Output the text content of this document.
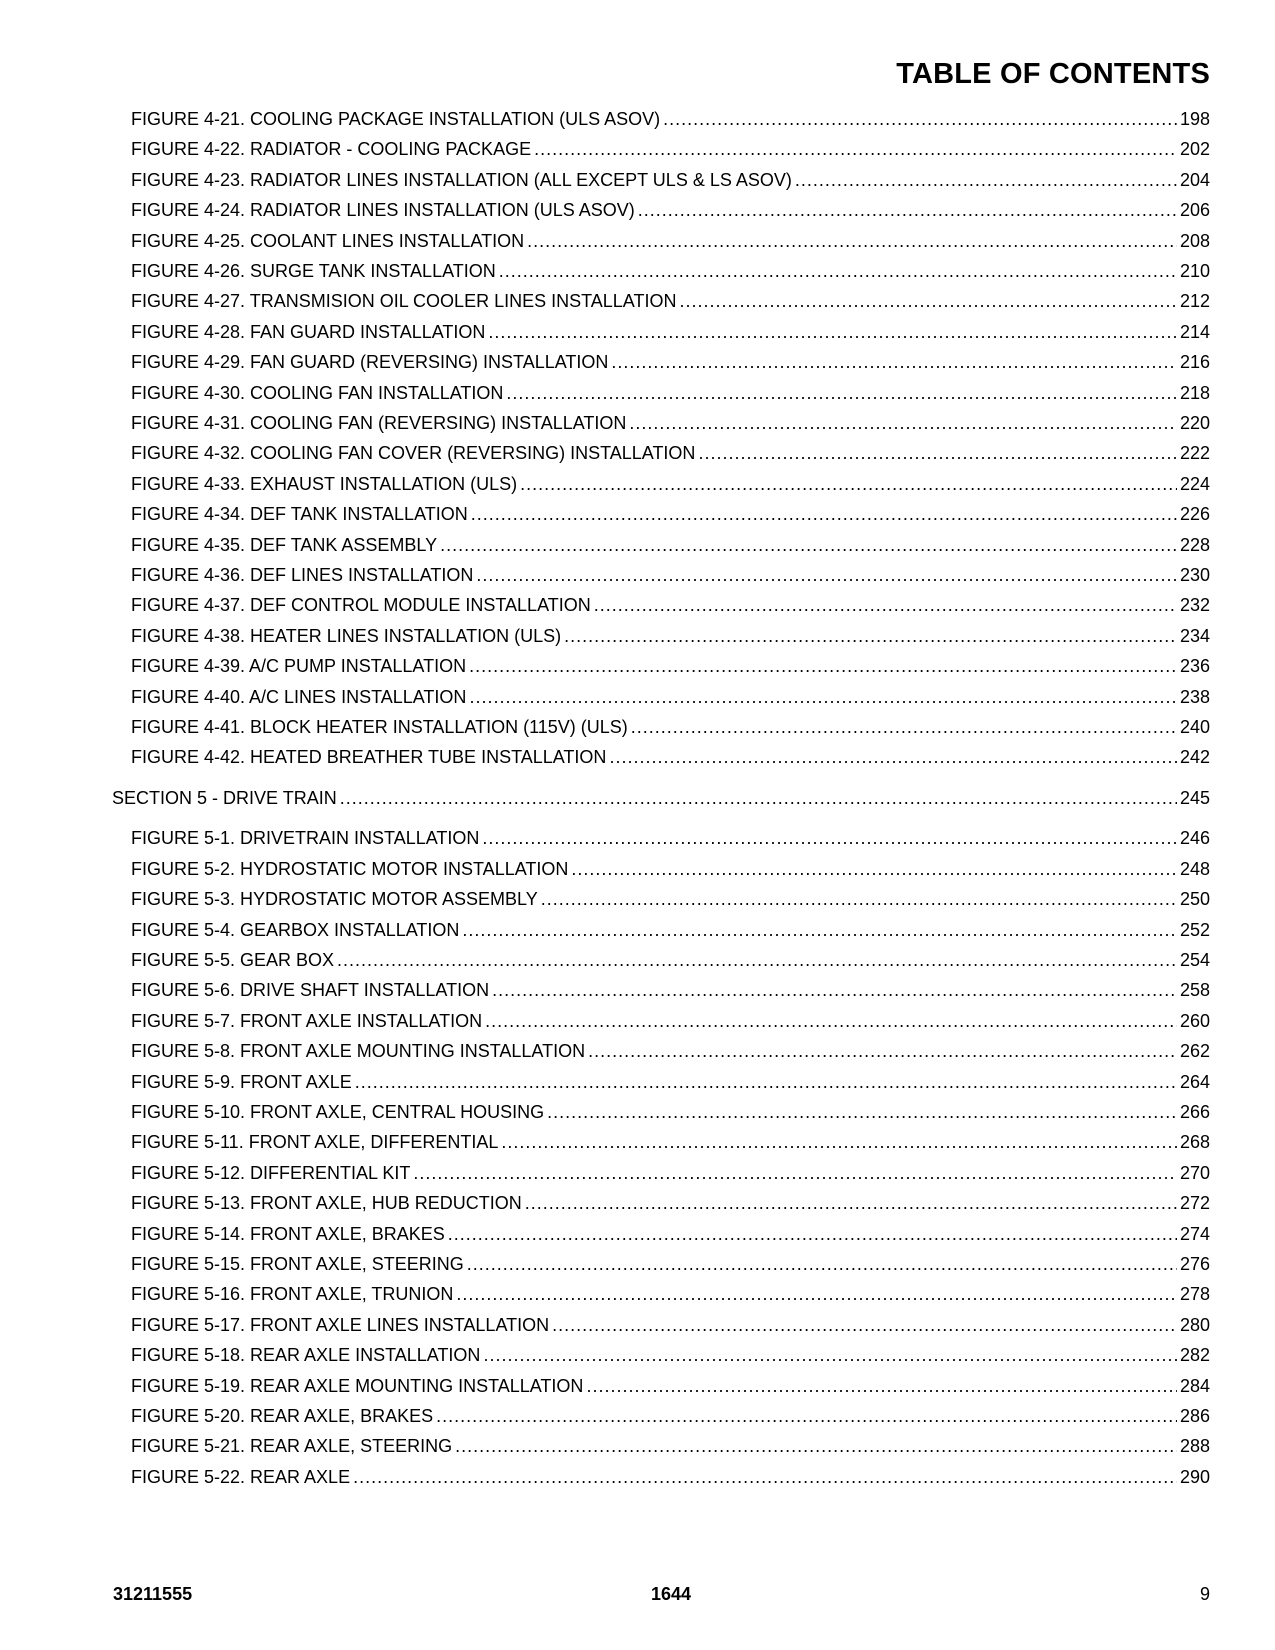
TABLE OF CONTENTS
FIGURE 4-21. COOLING PACKAGE INSTALLATION (ULS ASOV) .....	198
FIGURE 4-22. RADIATOR - COOLING PACKAGE .....	202
FIGURE 4-23. RADIATOR LINES INSTALLATION (ALL EXCEPT ULS & LS ASOV) .....	204
FIGURE 4-24. RADIATOR LINES INSTALLATION (ULS ASOV) .....	206
FIGURE 4-25. COOLANT LINES INSTALLATION .....	208
FIGURE 4-26. SURGE TANK INSTALLATION .....	210
FIGURE 4-27. TRANSMISION OIL COOLER LINES INSTALLATION .....	212
FIGURE 4-28. FAN GUARD INSTALLATION .....	214
FIGURE 4-29. FAN GUARD (REVERSING) INSTALLATION .....	216
FIGURE 4-30. COOLING FAN INSTALLATION .....	218
FIGURE 4-31. COOLING FAN (REVERSING) INSTALLATION .....	220
FIGURE 4-32. COOLING FAN COVER (REVERSING) INSTALLATION .....	222
FIGURE 4-33. EXHAUST INSTALLATION (ULS) .....	224
FIGURE 4-34. DEF TANK INSTALLATION .....	226
FIGURE 4-35. DEF TANK ASSEMBLY .....	228
FIGURE 4-36. DEF LINES INSTALLATION .....	230
FIGURE 4-37. DEF CONTROL MODULE INSTALLATION .....	232
FIGURE 4-38. HEATER LINES INSTALLATION (ULS) .....	234
FIGURE 4-39. A/C PUMP INSTALLATION .....	236
FIGURE 4-40. A/C LINES INSTALLATION .....	238
FIGURE 4-41. BLOCK HEATER INSTALLATION (115V) (ULS) .....	240
FIGURE 4-42. HEATED BREATHER TUBE INSTALLATION .....	242
SECTION 5 - DRIVE TRAIN .....	245
FIGURE 5-1. DRIVETRAIN INSTALLATION .....	246
FIGURE 5-2. HYDROSTATIC MOTOR INSTALLATION .....	248
FIGURE 5-3. HYDROSTATIC MOTOR ASSEMBLY .....	250
FIGURE 5-4. GEARBOX INSTALLATION .....	252
FIGURE 5-5. GEAR BOX .....	254
FIGURE 5-6. DRIVE SHAFT INSTALLATION .....	258
FIGURE 5-7. FRONT AXLE INSTALLATION .....	260
FIGURE 5-8. FRONT AXLE MOUNTING INSTALLATION .....	262
FIGURE 5-9. FRONT AXLE .....	264
FIGURE 5-10. FRONT AXLE, CENTRAL HOUSING .....	266
FIGURE 5-11. FRONT AXLE, DIFFERENTIAL .....	268
FIGURE 5-12. DIFFERENTIAL KIT .....	270
FIGURE 5-13. FRONT AXLE, HUB REDUCTION .....	272
FIGURE 5-14. FRONT AXLE, BRAKES .....	274
FIGURE 5-15. FRONT AXLE, STEERING .....	276
FIGURE 5-16. FRONT AXLE, TRUNION .....	278
FIGURE 5-17. FRONT AXLE LINES INSTALLATION .....	280
FIGURE 5-18. REAR AXLE INSTALLATION .....	282
FIGURE 5-19. REAR AXLE MOUNTING INSTALLATION .....	284
FIGURE 5-20. REAR AXLE, BRAKES .....	286
FIGURE 5-21. REAR AXLE, STEERING .....	288
FIGURE 5-22. REAR AXLE .....	290
31211555	1644	9
